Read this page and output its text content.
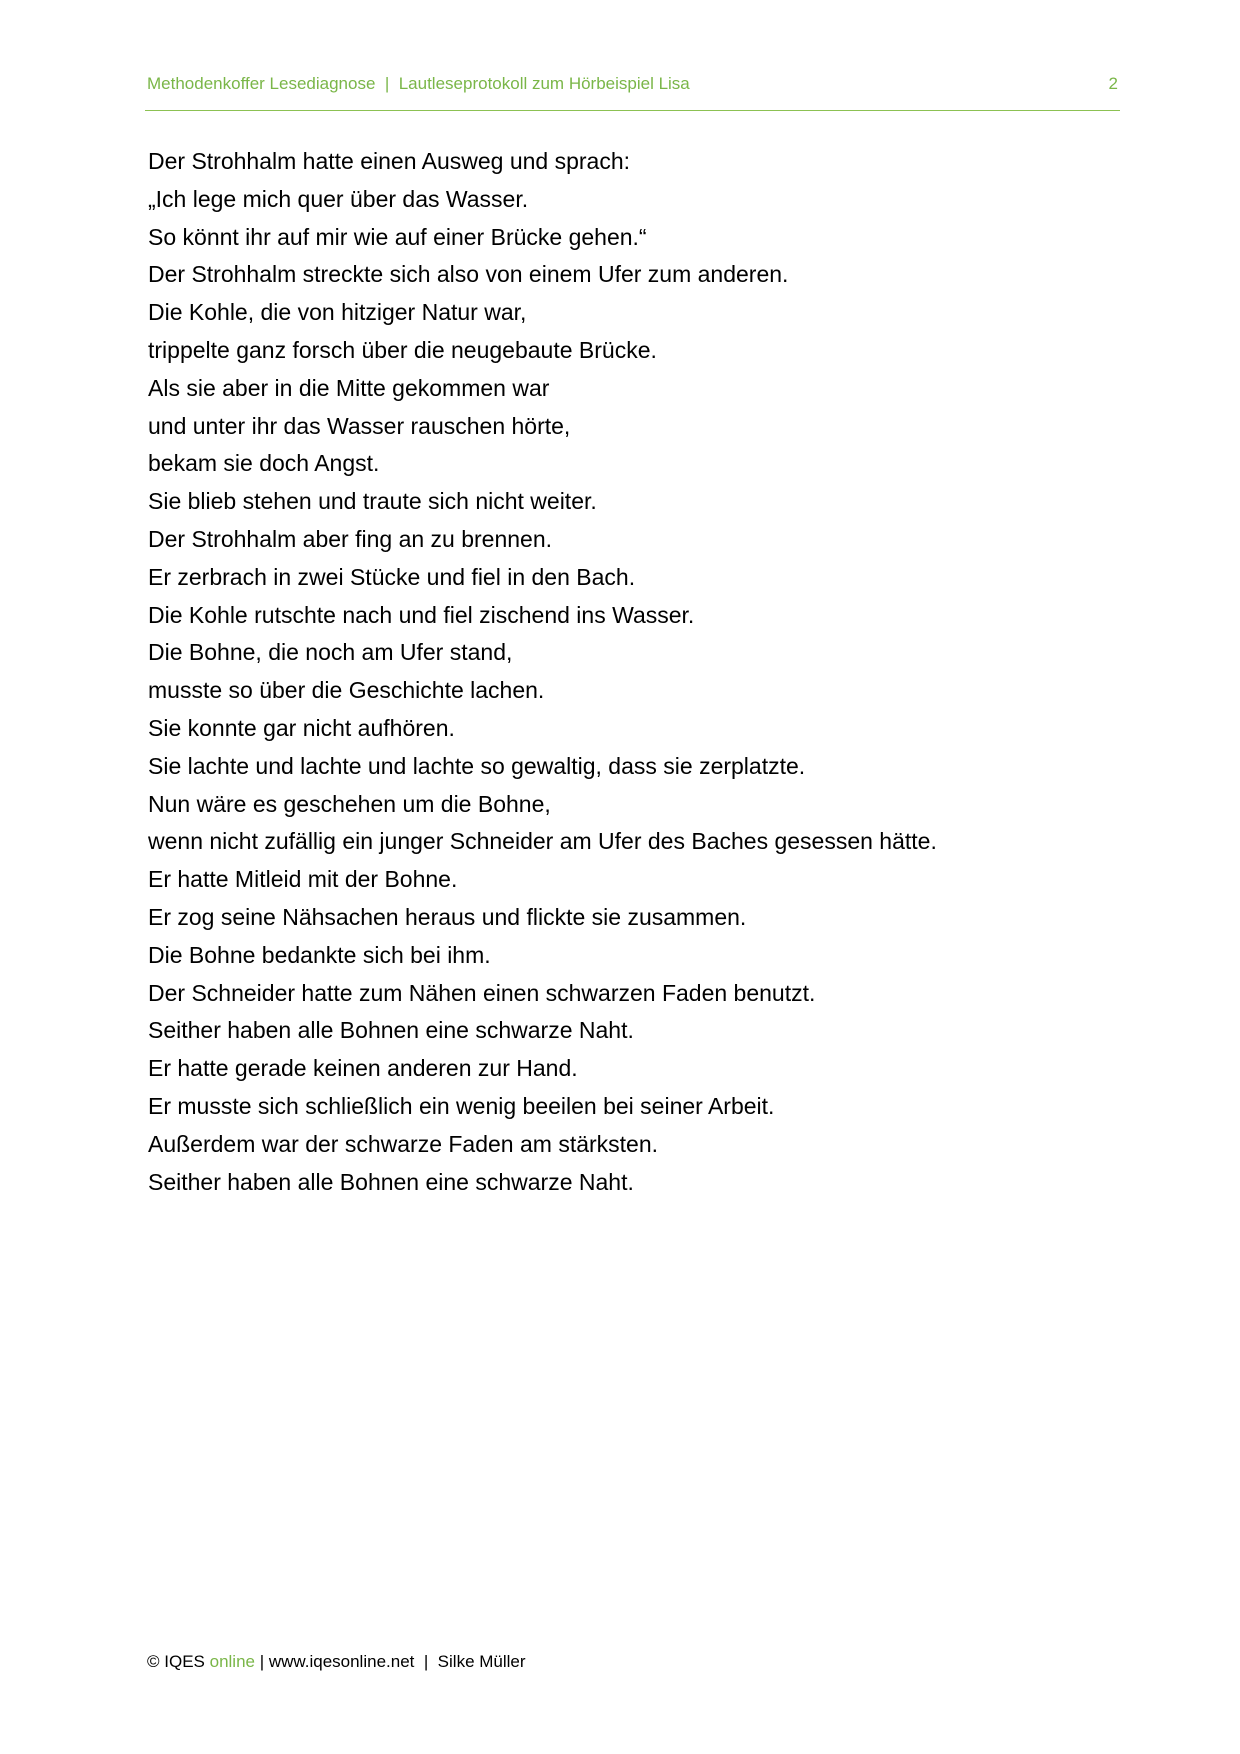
Methodenkoffer Lesediagnose  |  Lautleseprotokoll zum Hörbeispiel Lisa	2
Der Strohhalm hatte einen Ausweg und sprach:
„Ich lege mich quer über das Wasser.
So könnt ihr auf mir wie auf einer Brücke gehen.“
Der Strohhalm streckte sich also von einem Ufer zum anderen.
Die Kohle, die von hitziger Natur war,
trippelte ganz forsch über die neugebaute Brücke.
Als sie aber in die Mitte gekommen war
und unter ihr das Wasser rauschen hörte,
bekam sie doch Angst.
Sie blieb stehen und traute sich nicht weiter.
Der Strohhalm aber fing an zu brennen.
Er zerbrach in zwei Stücke und fiel in den Bach.
Die Kohle rutschte nach und fiel zischend ins Wasser.
Die Bohne, die noch am Ufer stand,
musste so über die Geschichte lachen.
Sie konnte gar nicht aufhören.
Sie lachte und lachte und lachte so gewaltig, dass sie zerplatzte.
Nun wäre es geschehen um die Bohne,
wenn nicht zufällig ein junger Schneider am Ufer des Baches gesessen hätte.
Er hatte Mitleid mit der Bohne.
Er zog seine Nähsachen heraus und flickte sie zusammen.
Die Bohne bedankte sich bei ihm.
Der Schneider hatte zum Nähen einen schwarzen Faden benutzt.
Seither haben alle Bohnen eine schwarze Naht.
Er hatte gerade keinen anderen zur Hand.
Er musste sich schließlich ein wenig beeilen bei seiner Arbeit.
Außerdem war der schwarze Faden am stärksten.
Seither haben alle Bohnen eine schwarze Naht.
© IQES online | www.iqesonline.net  |  Silke Müller
